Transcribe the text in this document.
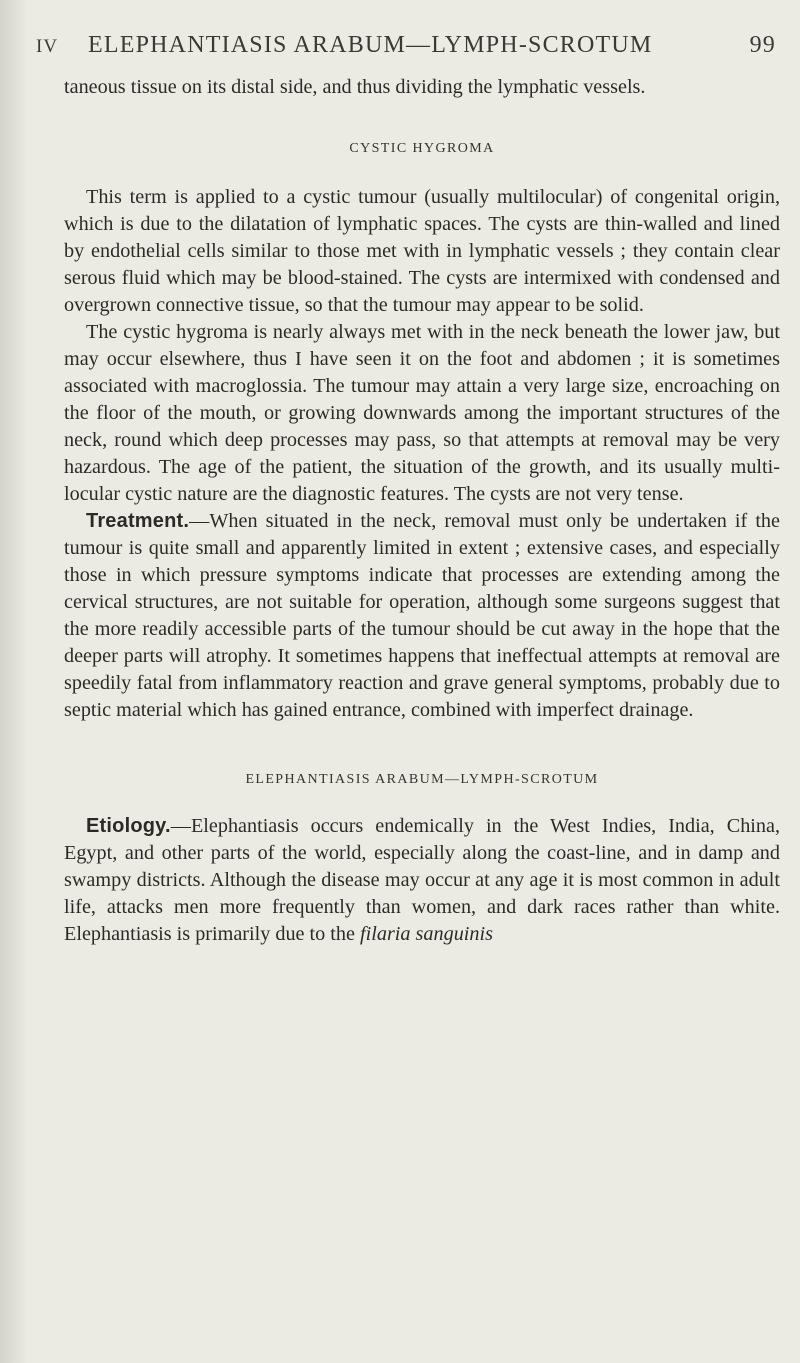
IV ELEPHANTIASIS ARABUM—LYMPH-SCROTUM	99

taneous tissue on its distal side, and thus dividing the lymphatic vessels.

CYSTIC HYGROMA

This term is applied to a cystic tumour (usually multilocular) of congenital origin, which is due to the dilatation of lymphatic spaces. The cysts are thin-walled and lined by endothelial cells similar to those met with in lymphatic vessels ; they contain clear serous fluid which may be blood-stained. The cysts are intermixed with condensed and overgrown connective tissue, so that the tumour may appear to be solid.

The cystic hygroma is nearly always met with in the neck beneath the lower jaw, but may occur elsewhere, thus I have seen it on the foot and abdomen ; it is sometimes associated with macroglossia. The tumour may attain a very large size, encroaching on the floor of the mouth, or growing downwards among the important structures of the neck, round which deep processes may pass, so that attempts at removal may be very hazardous. The age of the patient, the situation of the growth, and its usually multilocular cystic nature are the diagnostic features. The cysts are not very tense.

Treatment.—When situated in the neck, removal must only be undertaken if the tumour is quite small and apparently limited in extent ; extensive cases, and especially those in which pressure symptoms indicate that processes are extending among the cervical structures, are not suitable for operation, although some surgeons suggest that the more readily accessible parts of the tumour should be cut away in the hope that the deeper parts will atrophy. It sometimes happens that ineffectual attempts at removal are speedily fatal from inflammatory reaction and grave general symptoms, probably due to septic material which has gained entrance, combined with imperfect drainage.

ELEPHANTIASIS ARABUM—LYMPH-SCROTUM

Etiology.—Elephantiasis occurs endemically in the West Indies, India, China, Egypt, and other parts of the world, especially along the coast-line, and in damp and swampy districts. Although the disease may occur at any age it is most common in adult life, attacks men more frequently than women, and dark races rather than white. Elephantiasis is primarily due to the filaria sanguinis
